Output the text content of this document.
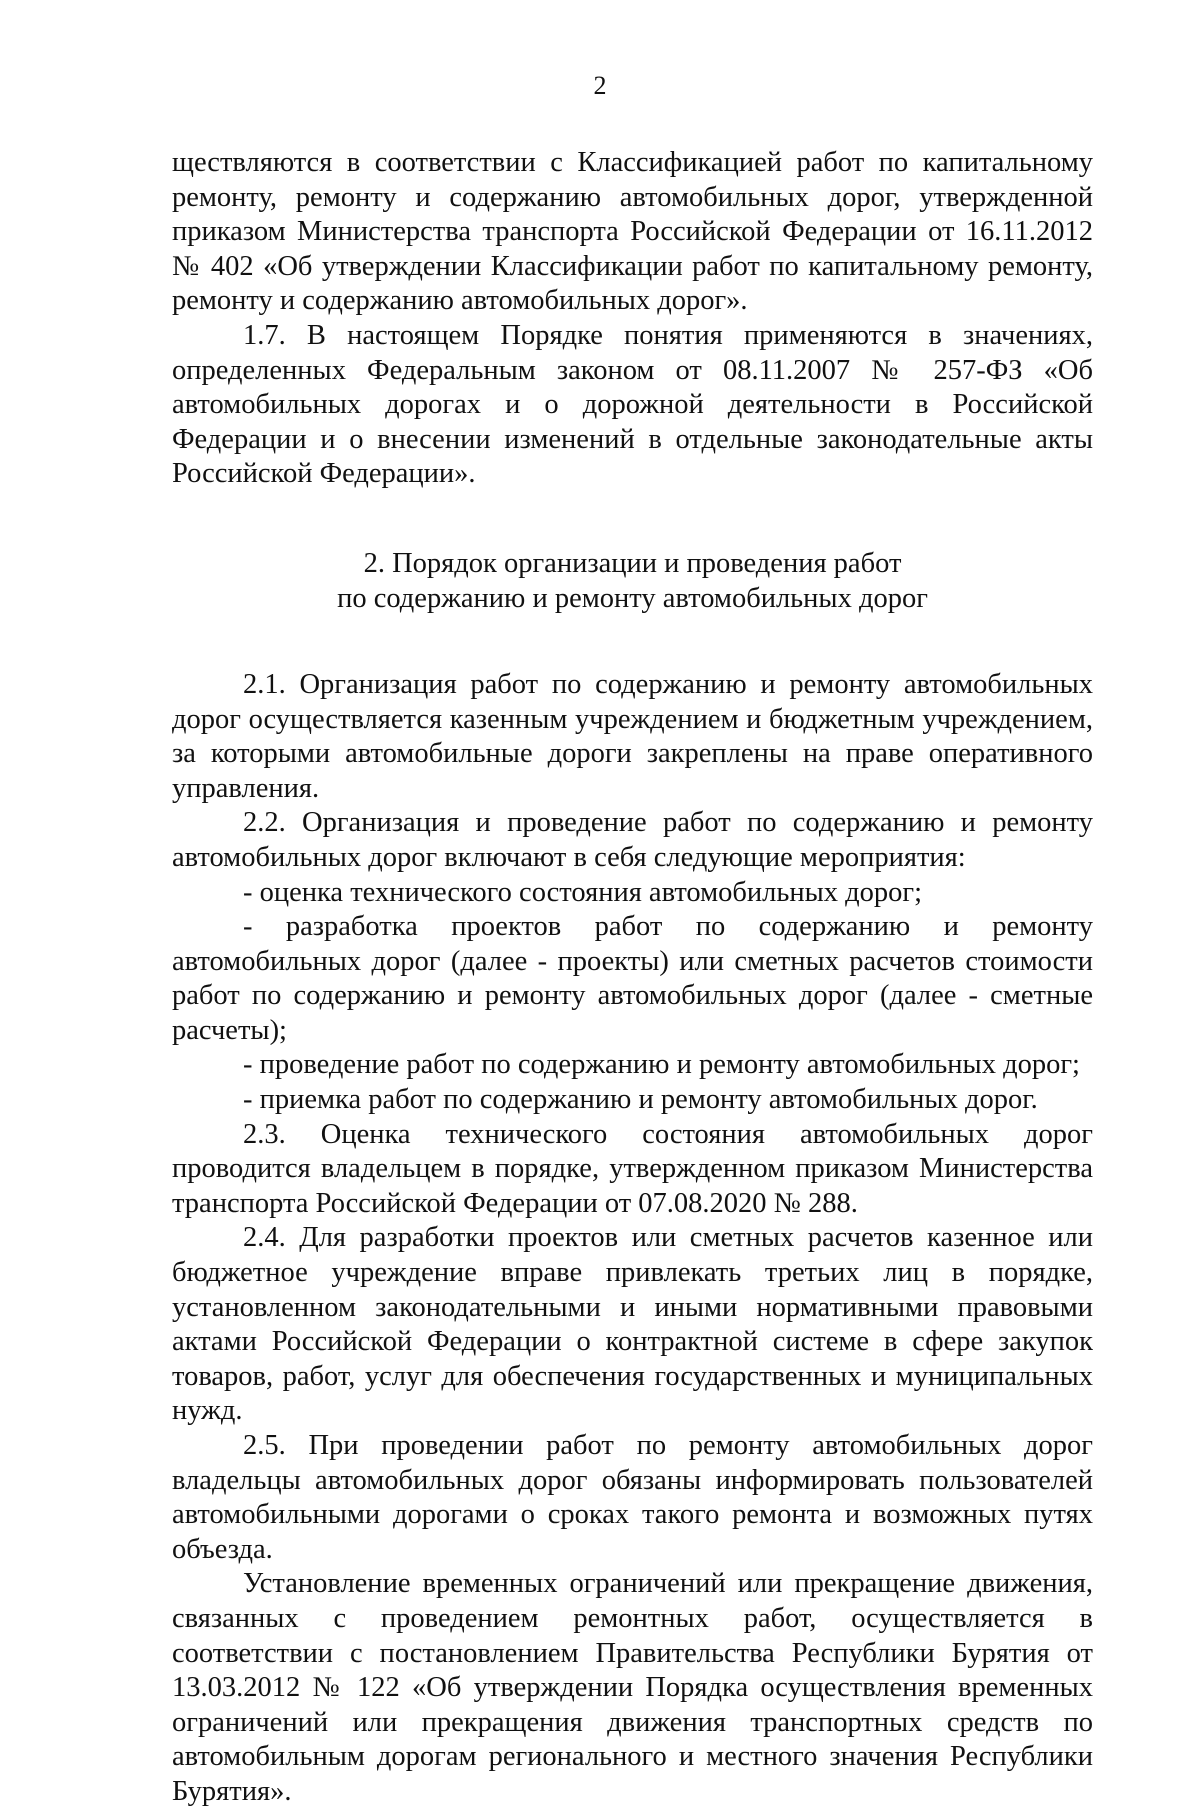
2

ществляются в соответствии с Классификацией работ по капитальному ремонту, ремонту и содержанию автомобильных дорог, утвержденной приказом Министерства транспорта Российской Федерации от 16.11.2012 № 402 «Об утверждении Классификации работ по капитальному ремонту, ремонту и содержанию автомобильных дорог».

1.7. В настоящем Порядке понятия применяются в значениях, определенных Федеральным законом от 08.11.2007 № 257-ФЗ «Об автомобильных дорогах и о дорожной деятельности в Российской Федерации и о внесении изменений в отдельные законодательные акты Российской Федерации».

2. Порядок организации и проведения работ
по содержанию и ремонту автомобильных дорог

2.1. Организация работ по содержанию и ремонту автомобильных дорог осуществляется казенным учреждением и бюджетным учреждением, за которыми автомобильные дороги закреплены на праве оперативного управления.

2.2. Организация и проведение работ по содержанию и ремонту автомобильных дорог включают в себя следующие мероприятия:

- оценка технического состояния автомобильных дорог;

- разработка проектов работ по содержанию и ремонту автомобильных дорог (далее - проекты) или сметных расчетов стоимости работ по содержанию и ремонту автомобильных дорог (далее - сметные расчеты);

- проведение работ по содержанию и ремонту автомобильных дорог;

- приемка работ по содержанию и ремонту автомобильных дорог.

2.3. Оценка технического состояния автомобильных дорог проводится владельцем в порядке, утвержденном приказом Министерства транспорта Российской Федерации от 07.08.2020 № 288.

2.4. Для разработки проектов или сметных расчетов казенное или бюджетное учреждение вправе привлекать третьих лиц в порядке, установленном законодательными и иными нормативными правовыми актами Российской Федерации о контрактной системе в сфере закупок товаров, работ, услуг для обеспечения государственных и муниципальных нужд.

2.5. При проведении работ по ремонту автомобильных дорог владельцы автомобильных дорог обязаны информировать пользователей автомобильными дорогами о сроках такого ремонта и возможных путях объезда.

Установление временных ограничений или прекращение движения, связанных с проведением ремонтных работ, осуществляется в соответствии с постановлением Правительства Республики Бурятия от 13.03.2012 № 122 «Об утверждении Порядка осуществления временных ограничений или прекращения движения транспортных средств по автомобильным дорогам регионального и местного значения Республики Бурятия».
